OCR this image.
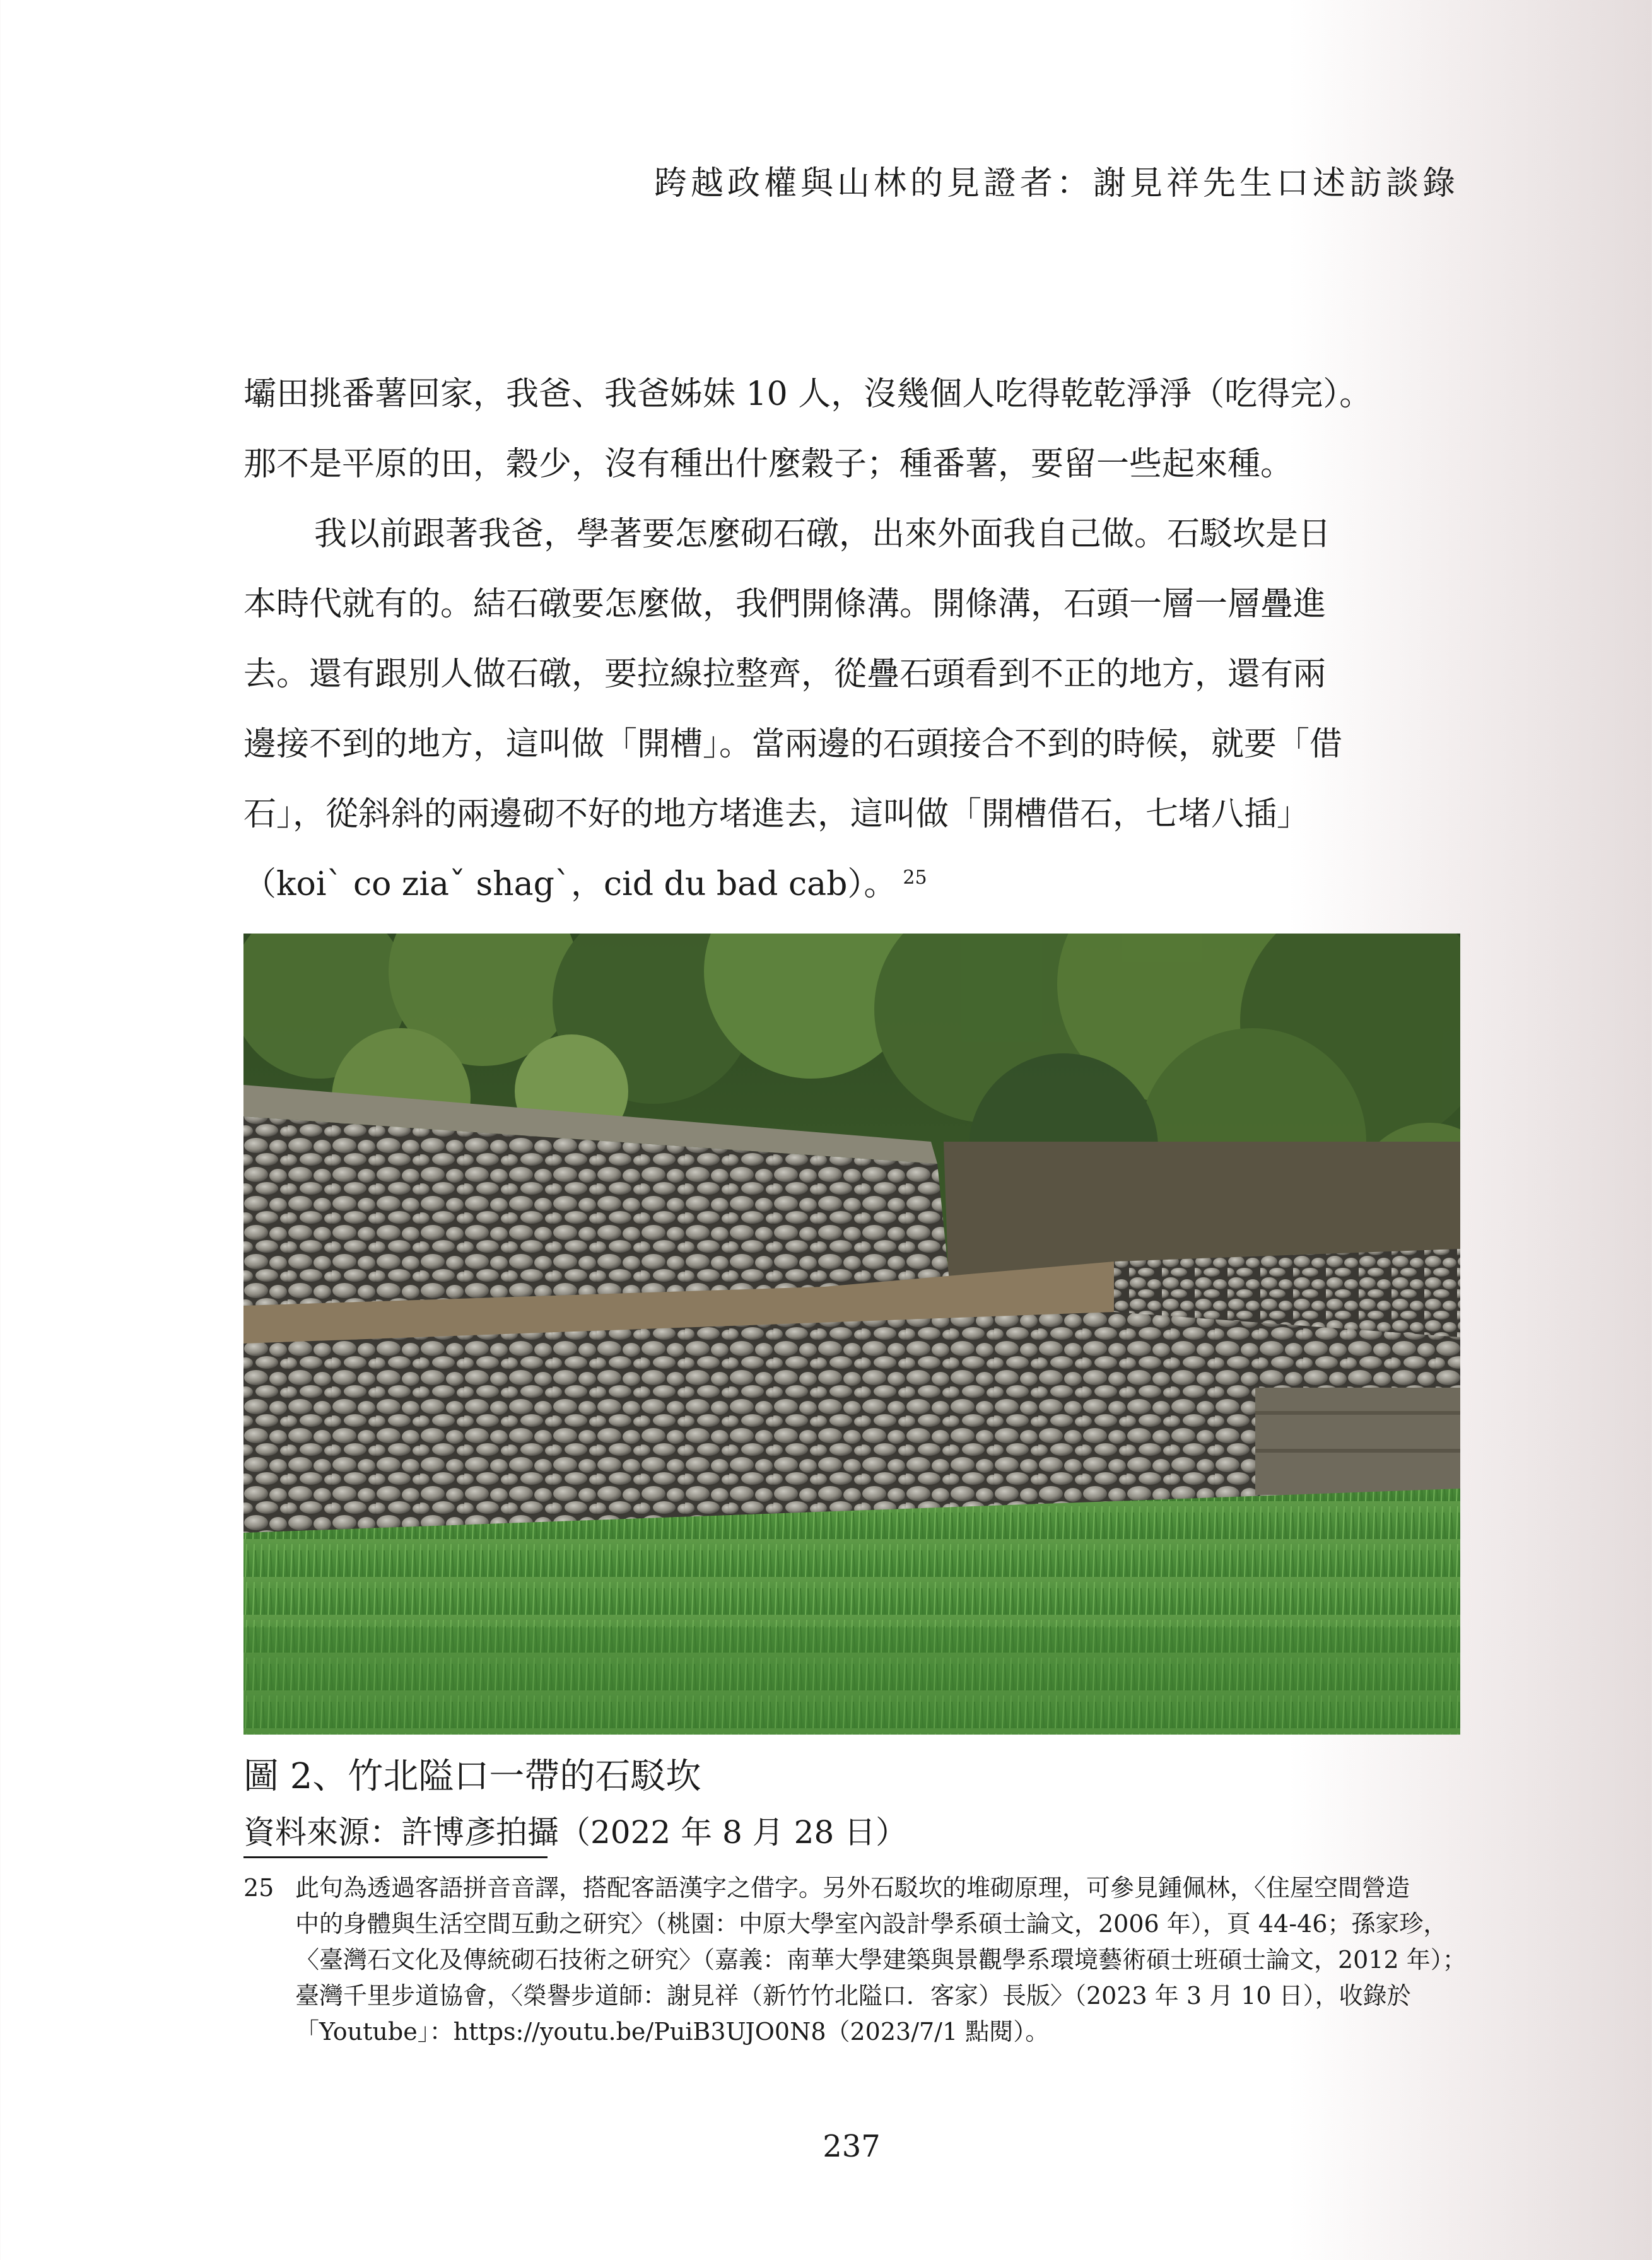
跨越政權與山林的見證者：謝見祥先生口述訪談錄

壩田挑番薯回家，我爸、我爸姊妹 10 人，沒幾個人吃得乾乾淨淨（吃得完）。
那不是平原的田，穀少，沒有種出什麼穀子；種番薯，要留一些起來種。

我以前跟著我爸，學著要怎麼砌石礅，出來外面我自己做。石駁坎是日
本時代就有的。結石礅要怎麼做，我們開條溝。開條溝，石頭一層一層疊進
去。還有跟別人做石礅，要拉線拉整齊，從疊石頭看到不正的地方，還有兩
邊接不到的地方，這叫做「開槽」。當兩邊的石頭接合不到的時候，就要「借
石」，從斜斜的兩邊砌不好的地方堵進去，這叫做「開槽借石，七堵八插」

（koi` co ziaˇ shag`，cid du bad cab）。 $^{25}$

圖 2、竹北隘口一帶的石駁坎
資料來源：許博彥拍攝（2022 年 8 月 28 日）
25 此句為透過客語拼音音譯，搭配客語漢字之借字。另外石駁坎的堆砌原理，可參見鍾佩林，〈住屋空間營造
中的身體與生活空間互動之研究〉（桃園：中原大學室內設計學系碩士論文，2006 年），頁 44-46；孫家珍，
〈臺灣石文化及傳統砌石技術之研究〉（嘉義：南華大學建築與景觀學系環境藝術碩士班碩士論文，2012 年）；
臺灣千里步道協會，〈榮譽步道師：謝見祥（新竹竹北隘口．客家）長版〉（2023 年 3 月 10 日），收錄於
「Youtube」：https://youtu.be/PuiB3UJO0N8（2023/7/1 點閱）。
237
